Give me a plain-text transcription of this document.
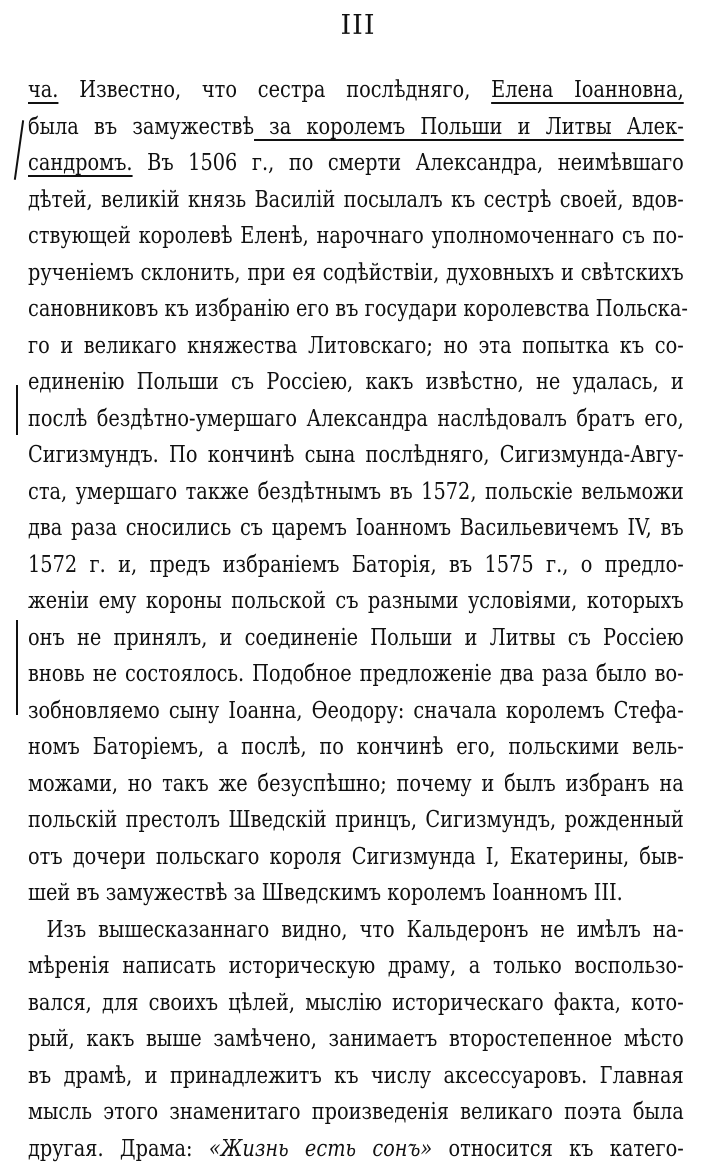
III
ча. Известно, что сестра послѣдняго, Елена Іоанновна,
была въ замужествѣ за королемъ Польши и Литвы Алек-
сандромъ. Въ 1506 г., по смерти Александра, неимѣвшаго
дѣтей, великій князь Василій посылалъ къ сестрѣ своей, вдов-
ствующей королевѣ Еленѣ, нарочнаго уполномоченнаго съ по-
рученіемъ склонить, при ея содѣйствіи, духовныхъ и свѣтскихъ
сановниковъ къ избранію его въ государи королевства Польска-
го и великаго княжества Литовскаго; но эта попытка къ со-
единенію Польши съ Россіею, какъ извѣстно, не удалась, и
послѣ бездѣтно-умершаго Александра наслѣдовалъ братъ его,
Сигизмундъ. По кончинѣ сына послѣдняго, Сигизмунда-Авгу-
ста, умершаго также бездѣтнымъ въ 1572, польскіе вельможи
два раза сносились съ царемъ Іоанномъ Васильевичемъ IV, въ
1572 г. и, предъ избраніемъ Баторія, въ 1575 г., о предло-
женіи ему короны польской съ разными условіями, которыхъ
онъ не принялъ, и соединеніе Польши и Литвы съ Россіею
вновь не состоялось. Подобное предложеніе два раза было во-
зобновляемо сыну Іоанна, Ѳеодору: сначала королемъ Стефа-
номъ Баторіемъ, а послѣ, по кончинѣ его, польскими вель-
можами, но такъ же безуспѣшно; почему и былъ избранъ на
польскій престолъ Шведскій принцъ, Сигизмундъ, рожденный
отъ дочери польскаго короля Сигизмунда I, Екатерины, быв-
шей въ замужествѣ за Шведскимъ королемъ Іоанномъ III.
Изъ вышесказаннаго видно, что Кальдеронъ не имѣлъ на-
мѣренія написать историческую драму, а только воспользо-
вался, для своихъ цѣлей, мыслію историческаго факта, кото-
рый, какъ выше замѣчено, занимаетъ второстепенное мѣсто
въ драмѣ, и принадлежитъ къ числу аксессуаровъ. Главная
мысль этого знаменитаго произведенія великаго поэта была
другая. Драма: «Жизнь есть сонъ» относится къ катего-
